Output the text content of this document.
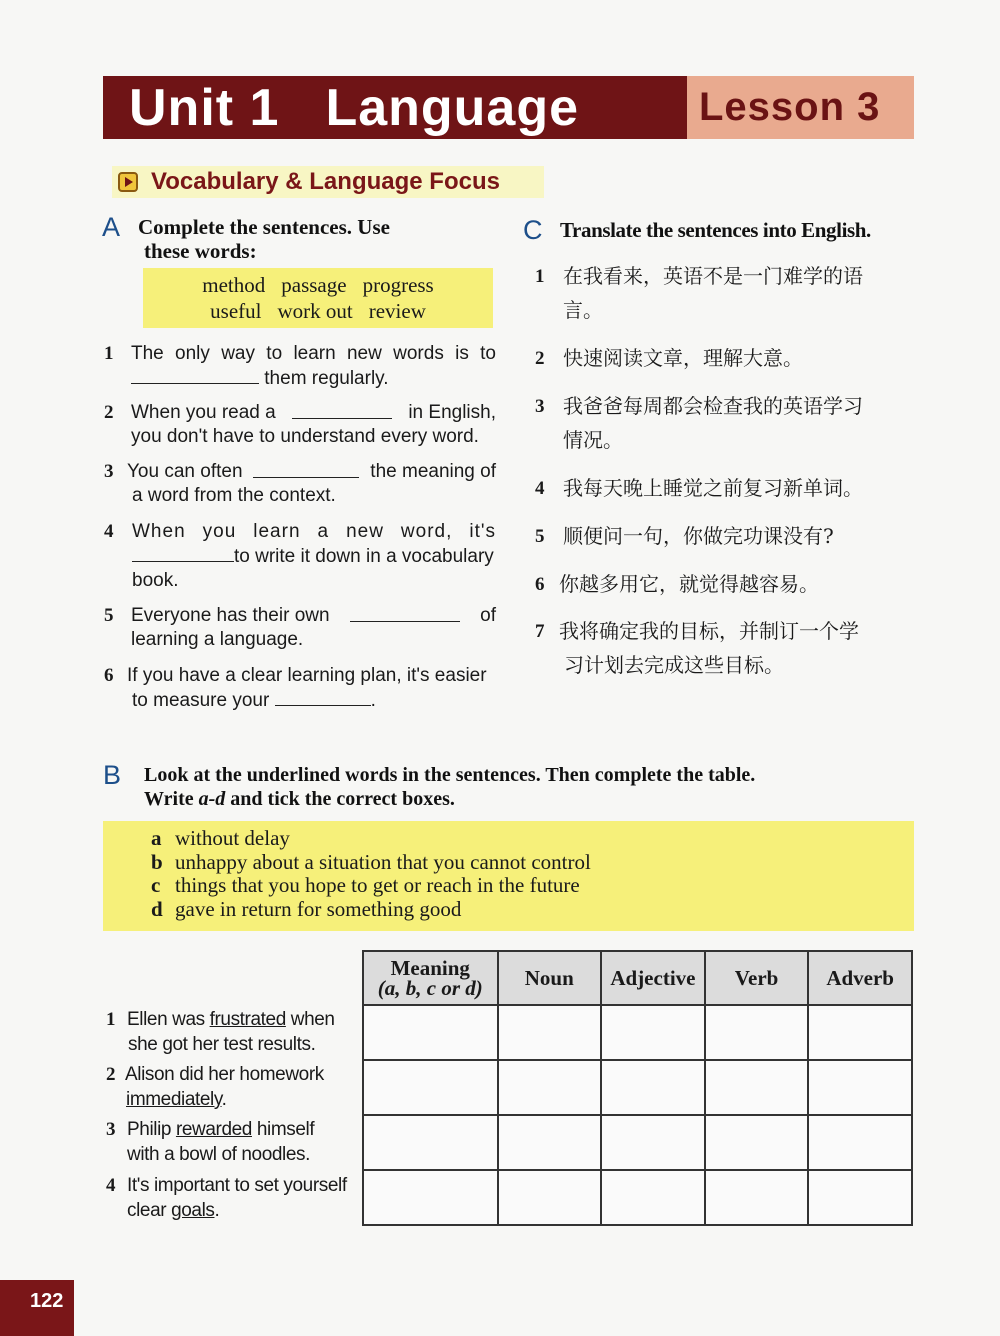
Unit 1 Language	Lesson 3
Vocabulary & Language Focus
A Complete the sentences. Use
these words:
method passage progress
useful work out review
1 The only way to learn new words is to
them regularly.
2 When you read a	in English,
you don't have to understand every word.
3 You can often	the meaning of
a word from the context.
4 When you learn a new word, it's
to write it down in a vocabulary
book.
5 Everyone has their own	of
learning a language.
6 If you have a clear learning plan, it's easier
to measure your	.
C Translate the sentences into English.
1 在我看来，英语不是一门难学的语
言。
2 快速阅读文章，理解大意。
3 我爸爸每周都会检查我的英语学习
情况。
4 我每天晚上睡觉之前复习新单词。
5 顺便问一句，你做完功课没有?
6 你越多用它，就觉得越容易。
7 我将确定我的目标，并制订一个学
习计划去完成这些目标。
B Look at the underlined words in the sentences. Then complete the table.
Write a-d and tick the correct boxes.
a without delay
b unhappy about a situation that you cannot control
c things that you hope to get or reach in the future
d gave in return for something good
Meaning
(a, b, c or d)	Noun	Adjective	Verb	Adverb

1 Ellen was frustrated when
she got her test results.
2 Alison did her homework
immediately.
3 Philip rewarded himself
with a bowl of noodles.
4 It's important to set yourself
clear goals.
122
